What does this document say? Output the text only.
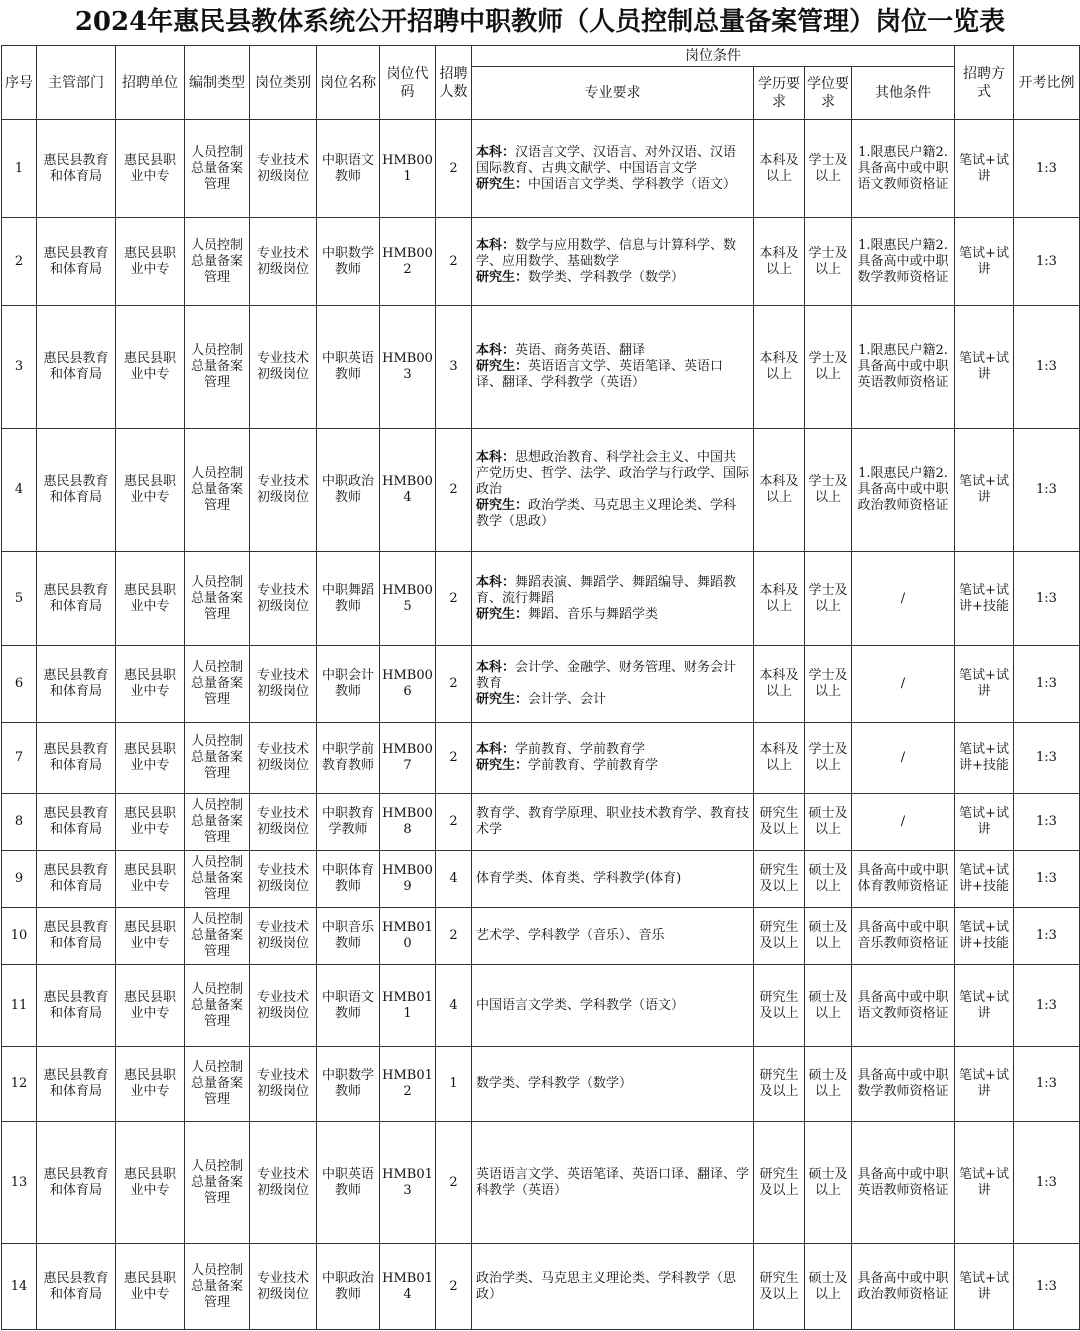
2024年惠民县教体系统公开招聘中职教师（人员控制总量备案管理）岗位一览表
序号	主管部门	招聘单位	编制类型	岗位类别	岗位名称	岗位代码	招聘人数	岗位条件				招聘方式	开考比例
								专业要求	学历要求	学位要求	其他条件		
1	惠民县教育和体育局	惠民县职业中专	人员控制总量备案管理	专业技术初级岗位	中职语文教师	HMB001	2	本科：汉语言文学、汉语言、对外汉语、汉语国际教育、古典文献学、中国语言文学
研究生：中国语言文学类、学科教学（语文）	本科及以上	学士及以上	1.限惠民户籍2.具备高中或中职语文教师资格证	笔试+试讲	1:3
2	惠民县教育和体育局	惠民县职业中专	人员控制总量备案管理	专业技术初级岗位	中职数学教师	HMB002	2	本科：数学与应用数学、信息与计算科学、数学、应用数学、基础数学
研究生：数学类、学科教学（数学）	本科及以上	学士及以上	1.限惠民户籍2.具备高中或中职数学教师资格证	笔试+试讲	1:3
3	惠民县教育和体育局	惠民县职业中专	人员控制总量备案管理	专业技术初级岗位	中职英语教师	HMB003	3	本科：英语、商务英语、翻译
研究生：英语语言文学、英语笔译、英语口译、翻译、学科教学（英语）	本科及以上	学士及以上	1.限惠民户籍2.具备高中或中职英语教师资格证	笔试+试讲	1:3
4	惠民县教育和体育局	惠民县职业中专	人员控制总量备案管理	专业技术初级岗位	中职政治教师	HMB004	2	本科：思想政治教育、科学社会主义、中国共产党历史、哲学、法学、政治学与行政学、国际政治
研究生：政治学类、马克思主义理论类、学科教学（思政）	本科及以上	学士及以上	1.限惠民户籍2.具备高中或中职政治教师资格证	笔试+试讲	1:3
5	惠民县教育和体育局	惠民县职业中专	人员控制总量备案管理	专业技术初级岗位	中职舞蹈教师	HMB005	2	本科：舞蹈表演、舞蹈学、舞蹈编导、舞蹈教育、流行舞蹈
研究生：舞蹈、音乐与舞蹈学类	本科及以上	学士及以上	/	笔试+试讲+技能	1:3
6	惠民县教育和体育局	惠民县职业中专	人员控制总量备案管理	专业技术初级岗位	中职会计教师	HMB006	2	本科：会计学、金融学、财务管理、财务会计教育
研究生：会计学、会计	本科及以上	学士及以上	/	笔试+试讲	1:3
7	惠民县教育和体育局	惠民县职业中专	人员控制总量备案管理	专业技术初级岗位	中职学前教育教师	HMB007	2	本科：学前教育、学前教育学
研究生：学前教育、学前教育学	本科及以上	学士及以上	/	笔试+试讲+技能	1:3
8	惠民县教育和体育局	惠民县职业中专	人员控制总量备案管理	专业技术初级岗位	中职教育学教师	HMB008	2	教育学、教育学原理、职业技术教育学、教育技术学	研究生及以上	硕士及以上	/	笔试+试讲	1:3
9	惠民县教育和体育局	惠民县职业中专	人员控制总量备案管理	专业技术初级岗位	中职体育教师	HMB009	4	体育学类、体育类、学科教学(体育)	研究生及以上	硕士及以上	具备高中或中职体育教师资格证	笔试+试讲+技能	1:3
10	惠民县教育和体育局	惠民县职业中专	人员控制总量备案管理	专业技术初级岗位	中职音乐教师	HMB010	2	艺术学、学科教学（音乐）、音乐	研究生及以上	硕士及以上	具备高中或中职音乐教师资格证	笔试+试讲+技能	1:3
11	惠民县教育和体育局	惠民县职业中专	人员控制总量备案管理	专业技术初级岗位	中职语文教师	HMB011	4	中国语言文学类、学科教学（语文）	研究生及以上	硕士及以上	具备高中或中职语文教师资格证	笔试+试讲	1:3
12	惠民县教育和体育局	惠民县职业中专	人员控制总量备案管理	专业技术初级岗位	中职数学教师	HMB012	1	数学类、学科教学（数学）	研究生及以上	硕士及以上	具备高中或中职数学教师资格证	笔试+试讲	1:3
13	惠民县教育和体育局	惠民县职业中专	人员控制总量备案管理	专业技术初级岗位	中职英语教师	HMB013	2	英语语言文学、英语笔译、英语口译、翻译、学科教学（英语）	研究生及以上	硕士及以上	具备高中或中职英语教师资格证	笔试+试讲	1:3
14	惠民县教育和体育局	惠民县职业中专	人员控制总量备案管理	专业技术初级岗位	中职政治教师	HMB014	2	政治学类、马克思主义理论类、学科教学（思政）	研究生及以上	硕士及以上	具备高中或中职政治教师资格证	笔试+试讲	1:3
